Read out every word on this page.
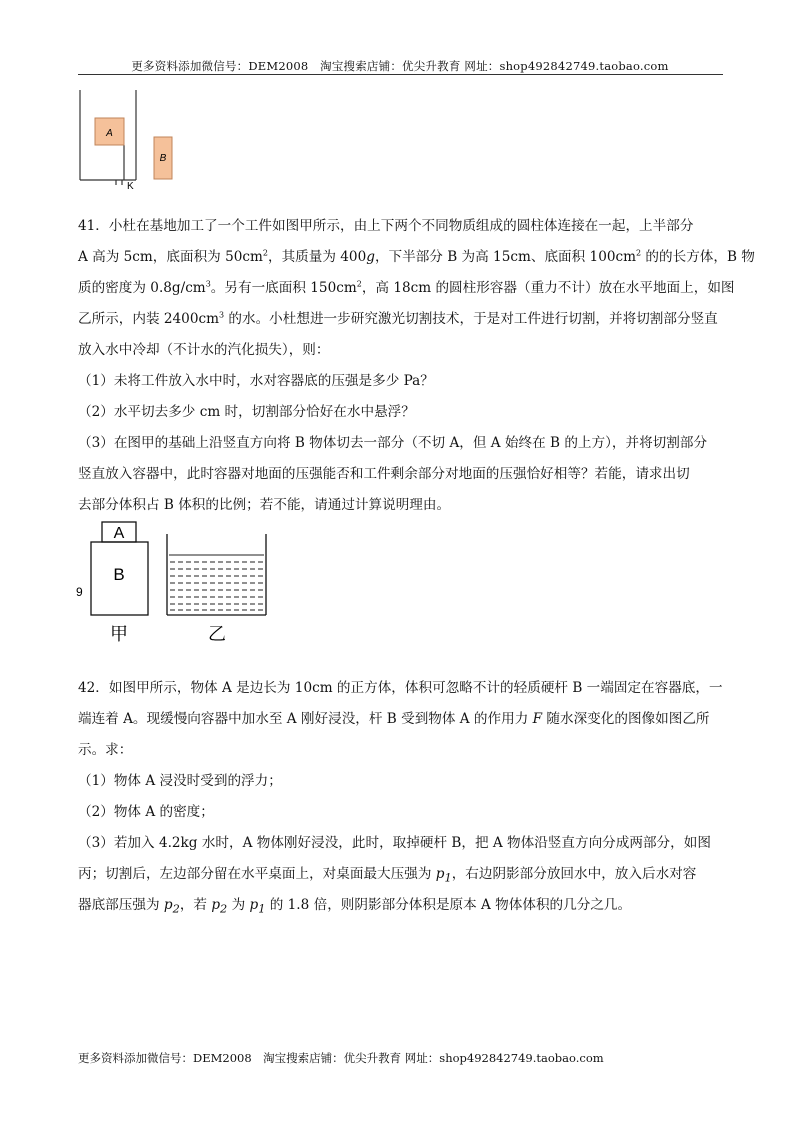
更多资料添加微信号：DEM2008　淘宝搜索店铺：优尖升教育 网址：shop492842749.taobao.com
A
B
K
41．小杜在基地加工了一个工件如图甲所示，由上下两个不同物质组成的圆柱体连接在一起，上半部分
A 高为 5cm，底面积为 $50cm^2$，其质量为 400g，下半部分 B 为高 15cm、底面积 $100cm^2$ 的的长方体，B 物
质的密度为 $0.8g/cm^3$。另有一底面积 $150cm^2$，高 18cm 的圆柱形容器（重力不计）放在水平地面上，如图
乙所示，内装 $2400cm^3$ 的水。小杜想进一步研究激光切割技术，于是对工件进行切割，并将切割部分竖直
放入水中冷却（不计水的汽化损失），则：
（1）未将工件放入水中时，水对容器底的压强是多少 Pa？
（2）水平切去多少 cm 时，切割部分恰好在水中悬浮？
（3）在图甲的基础上沿竖直方向将 B 物体切去一部分（不切 A，但 A 始终在 B 的上方），并将切割部分
竖直放入容器中，此时容器对地面的压强能否和工件剩余部分对地面的压强恰好相等？若能，请求出切
去部分体积占 B 体积的比例；若不能，请通过计算说明理由。
A
B
9
甲	乙
42．如图甲所示，物体 A 是边长为 10cm 的正方体，体积可忽略不计的轻质硬杆 B 一端固定在容器底，一
端连着 A。现缓慢向容器中加水至 A 刚好浸没，杆 B 受到物体 A 的作用力 F 随水深变化的图像如图乙所
示。求：
（1）物体 A 浸没时受到的浮力；
（2）物体 A 的密度；
（3）若加入 4.2kg 水时，A 物体刚好浸没，此时，取掉硬杆 B，把 A 物体沿竖直方向分成两部分，如图
丙；切割后，左边部分留在水平桌面上，对桌面最大压强为 $p_1$，右边阴影部分放回水中，放入后水对容
器底部压强为 $p_2$，若 $p_2$ 为 $p_1$ 的 1.8 倍，则阴影部分体积是原本 A 物体体积的几分之几。
更多资料添加微信号：DEM2008　淘宝搜索店铺：优尖升教育 网址：shop492842749.taobao.com
